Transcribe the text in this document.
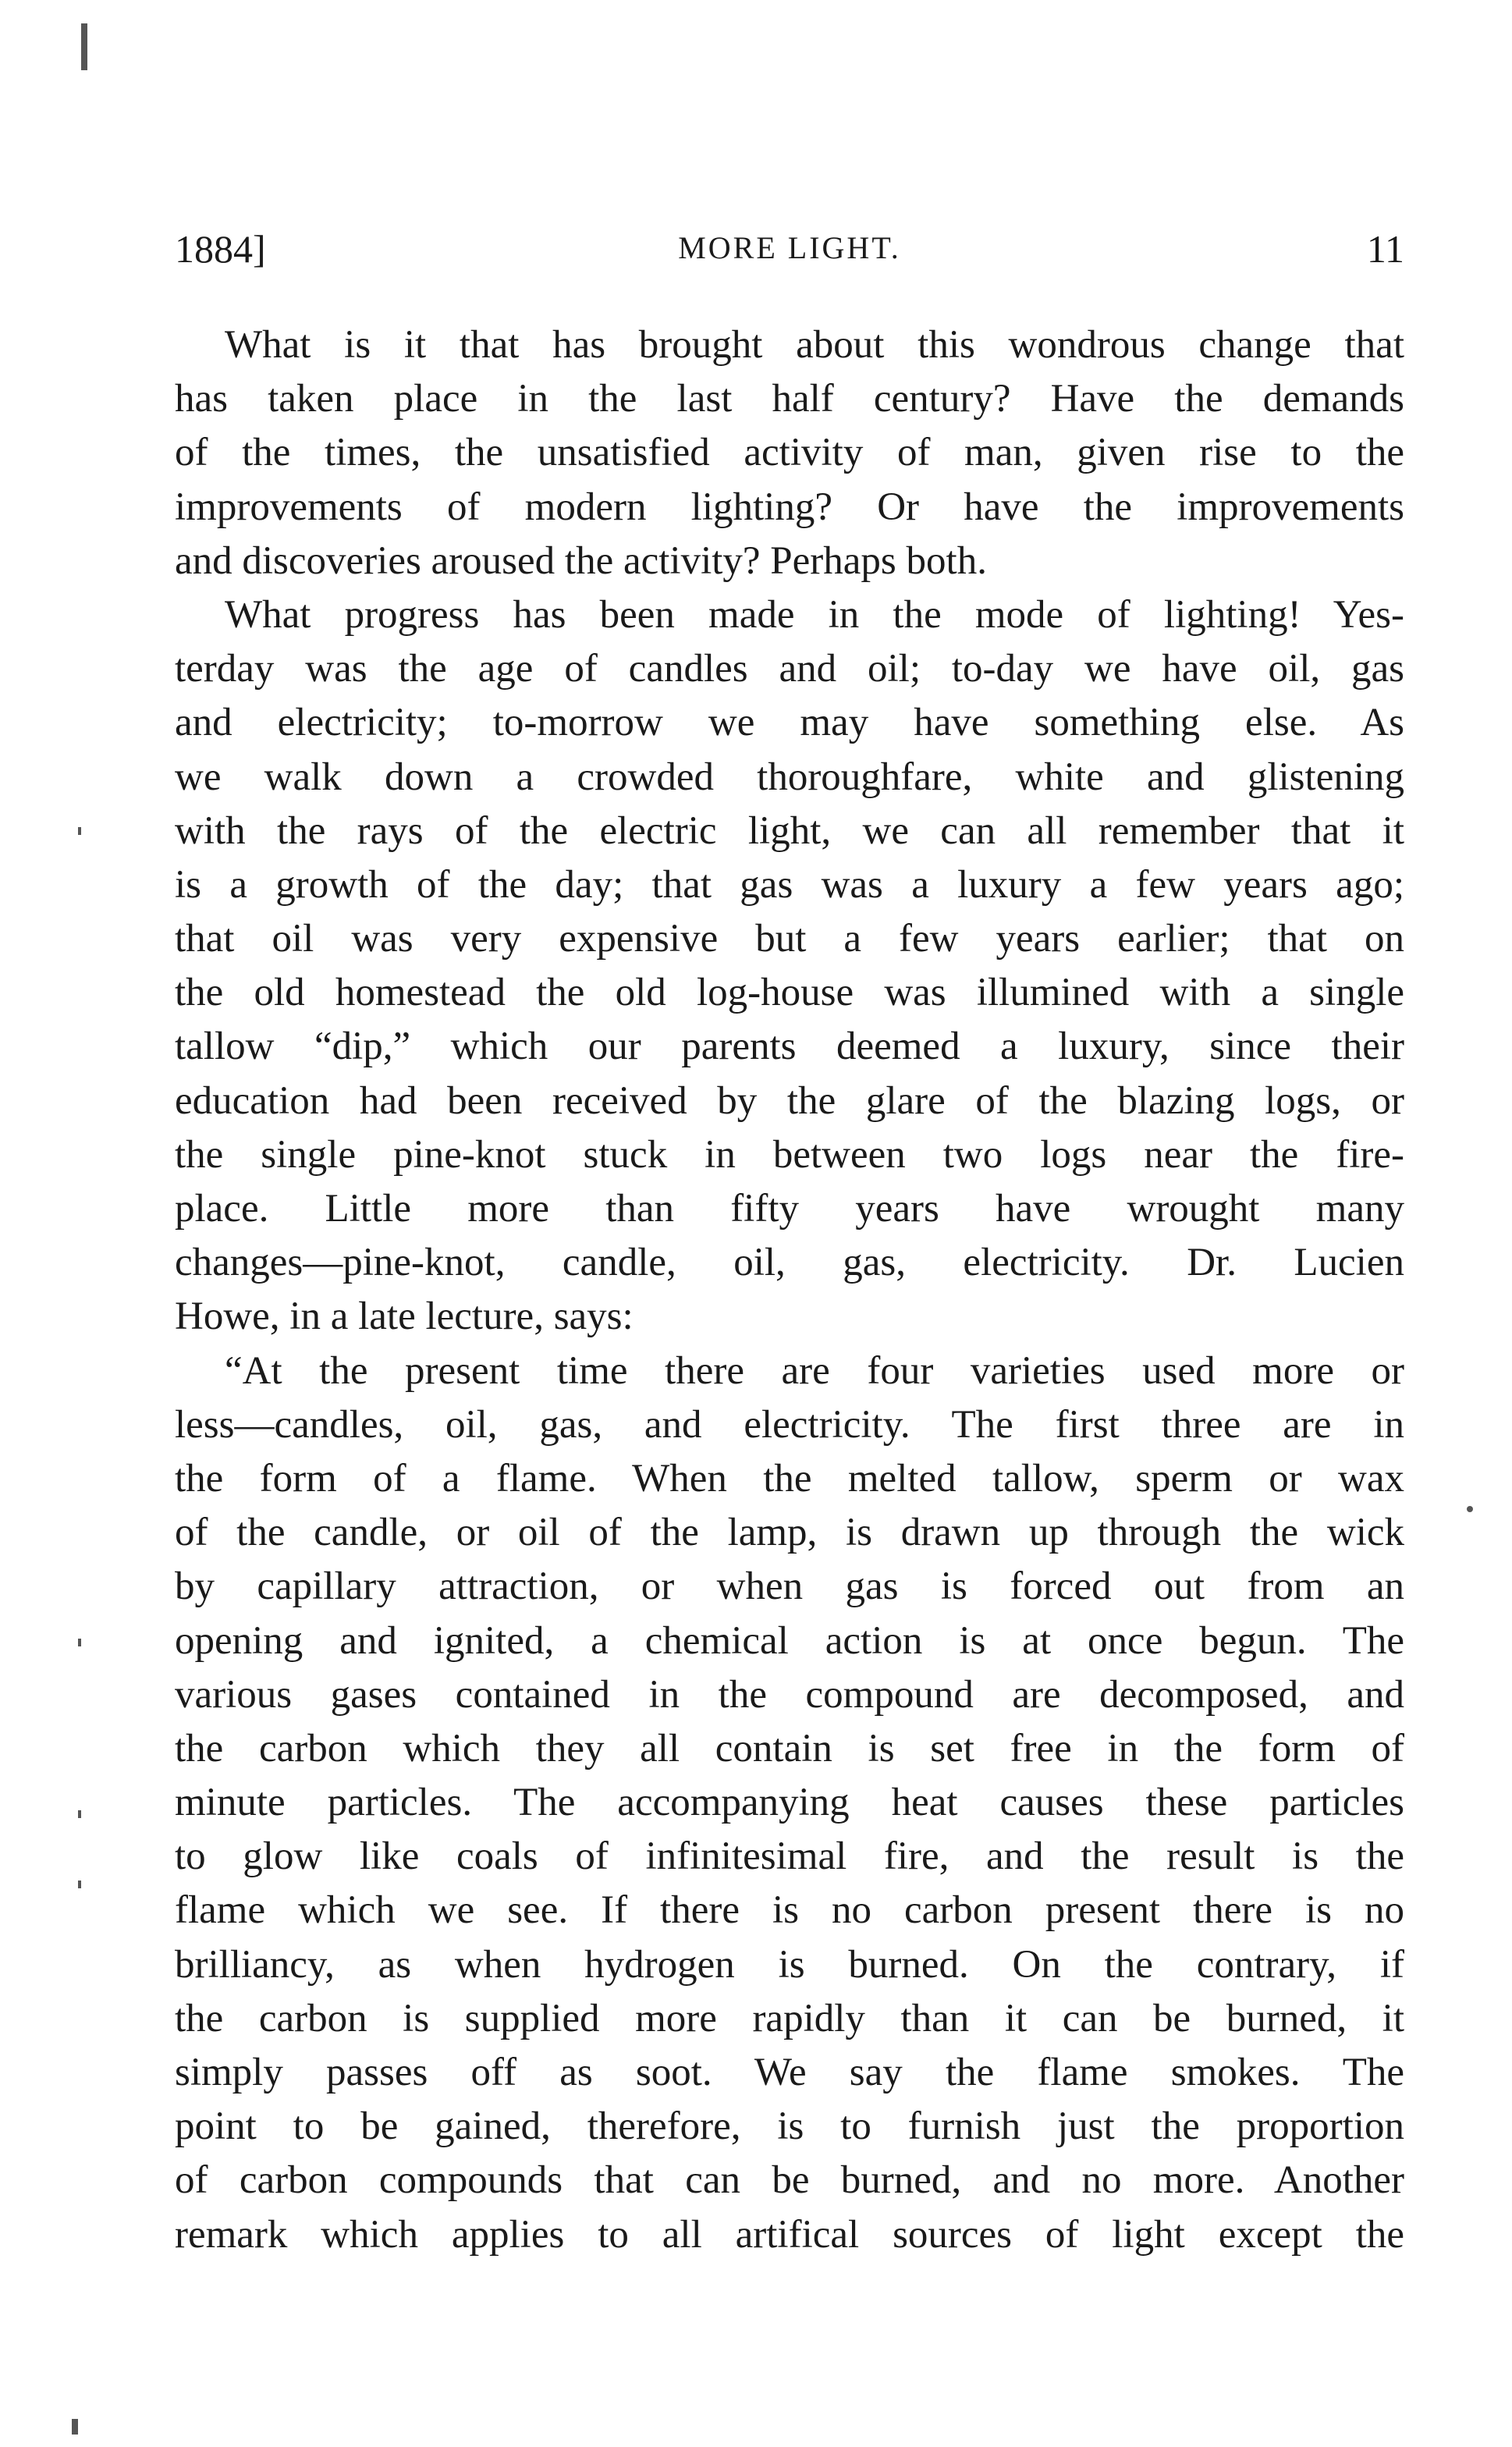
1884]	MORE LIGHT.	11
What is it that has brought about this wondrous change that
has taken place in the last half century? Have the demands
of the times, the unsatisfied activity of man, given rise to the
improvements of modern lighting? Or have the improvements
and discoveries aroused the activity? Perhaps both.
What progress has been made in the mode of lighting! Yes-
terday was the age of candles and oil; to-day we have oil, gas
and electricity; to-morrow we may have something else. As
we walk down a crowded thoroughfare, white and glistening
with the rays of the electric light, we can all remember that it
is a growth of the day; that gas was a luxury a few years ago;
that oil was very expensive but a few years earlier; that on
the old homestead the old log-house was illumined with a single
tallow “dip,” which our parents deemed a luxury, since their
education had been received by the glare of the blazing logs, or
the single pine-knot stuck in between two logs near the fire-
place. Little more than fifty years have wrought many
changes—pine-knot, candle, oil, gas, electricity. Dr. Lucien
Howe, in a late lecture, says:
“At the present time there are four varieties used more or
less—candles, oil, gas, and electricity. The first three are in
the form of a flame. When the melted tallow, sperm or wax
of the candle, or oil of the lamp, is drawn up through the wick
by capillary attraction, or when gas is forced out from an
opening and ignited, a chemical action is at once begun. The
various gases contained in the compound are decomposed, and
the carbon which they all contain is set free in the form of
minute particles. The accompanying heat causes these particles
to glow like coals of infinitesimal fire, and the result is the
flame which we see. If there is no carbon present there is no
brilliancy, as when hydrogen is burned. On the contrary, if
the carbon is supplied more rapidly than it can be burned, it
simply passes off as soot. We say the flame smokes. The
point to be gained, therefore, is to furnish just the proportion
of carbon compounds that can be burned, and no more. Another
remark which applies to all artifical sources of light except the
